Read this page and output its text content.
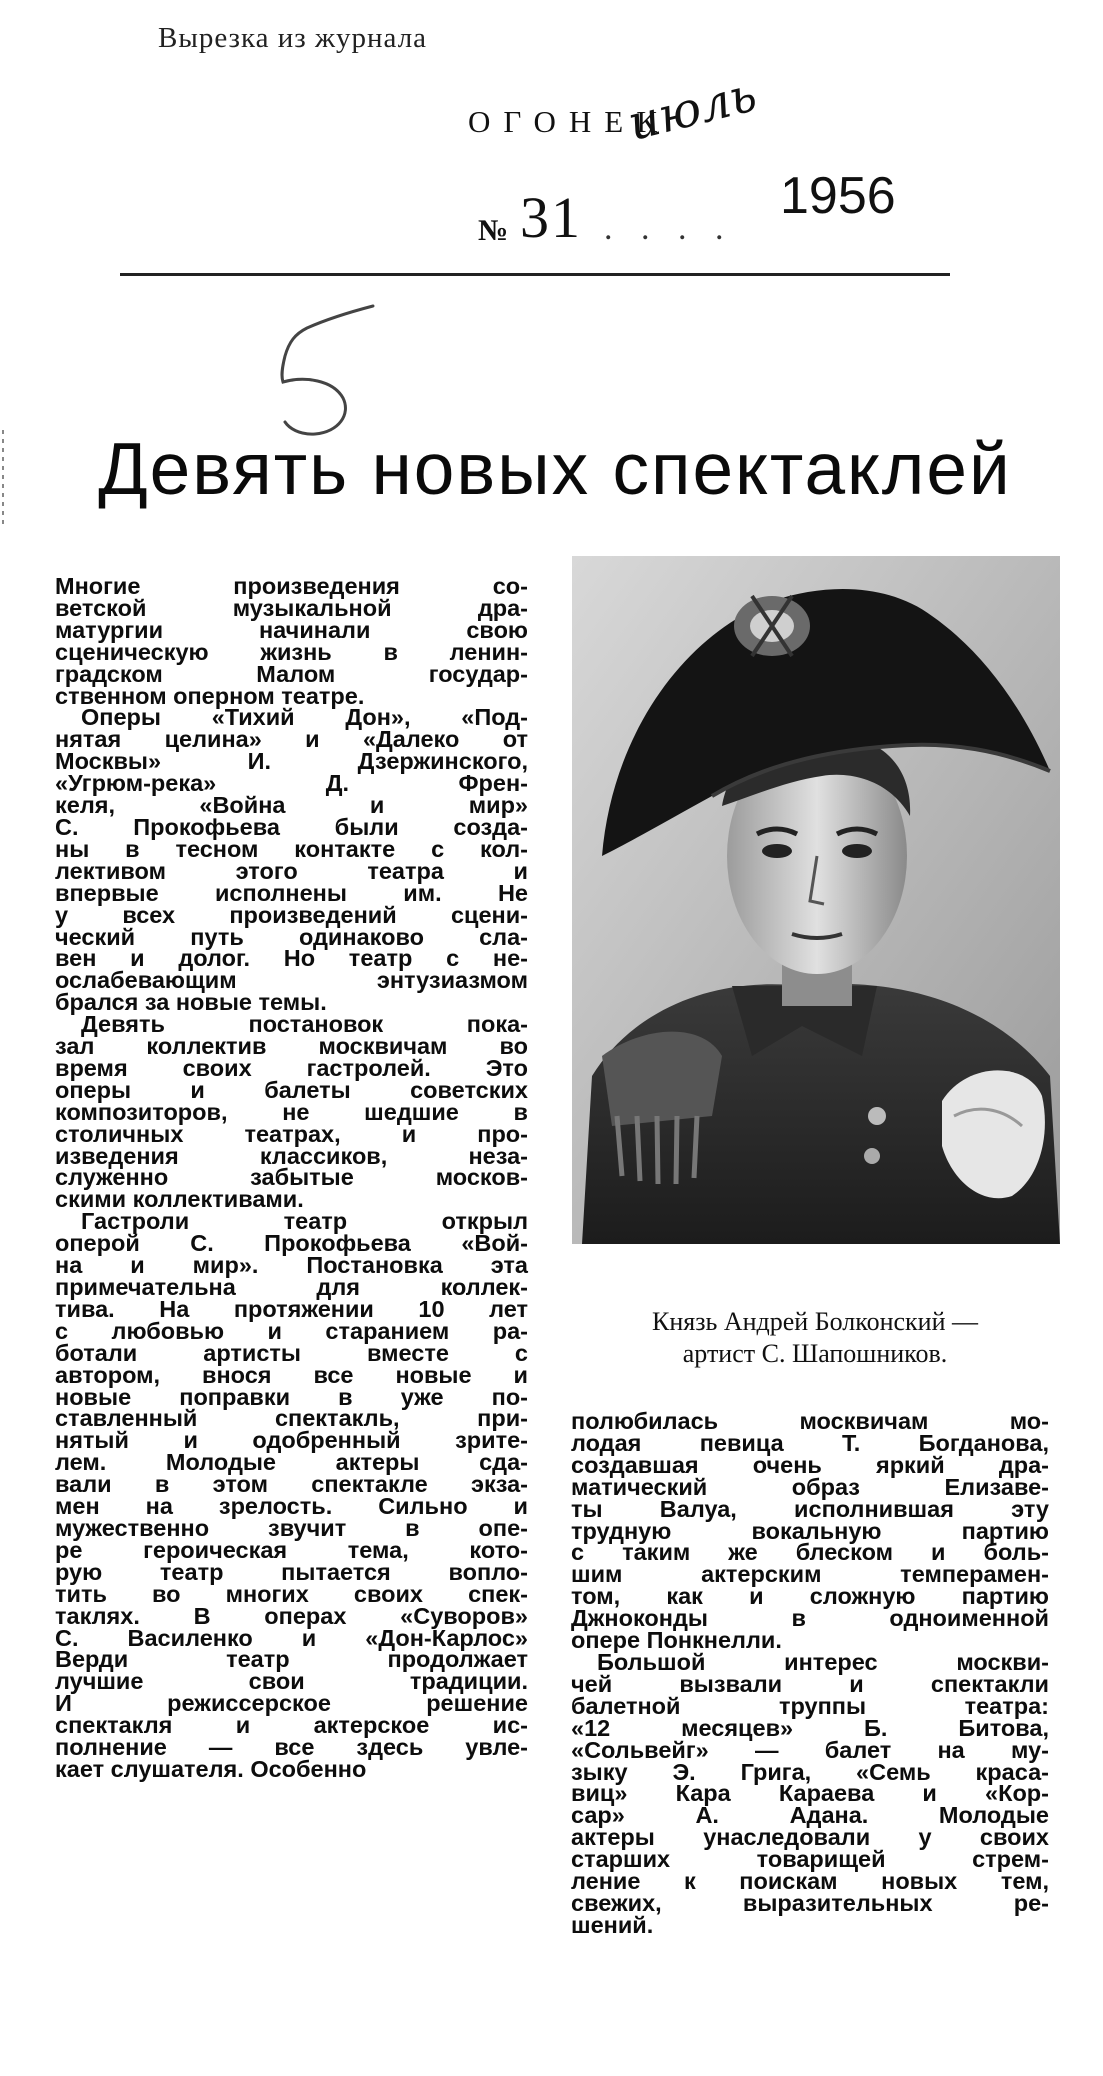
Вырезка из журнала
ОГОНЕК
№ 31 . . . .
июль
1956
Девять новых спектаклей
Многие произведения со-
ветской музыкальной дра-
матургии начинали свою
сценическую жизнь в ленин-
градском Малом государ-
ственном оперном театре.
Оперы «Тихий Дон», «Под-
нятая целина» и «Далеко от
Москвы» И. Дзержинского,
«Угрюм-река» Д. Френ-
келя, «Война и мир»
С. Прокофьева были созда-
ны в тесном контакте с кол-
лективом этого театра и
впервые исполнены им. Не
у всех произведений сцени-
ческий путь одинаково сла-
вен и долог. Но театр с не-
ослабевающим энтузиазмом
брался за новые темы.
Девять постановок пока-
зал коллектив москвичам во
время своих гастролей. Это
оперы и балеты советских
композиторов, не шедшие в
столичных театрах, и про-
изведения классиков, неза-
служенно забытые москов-
скими коллективами.
Гастроли театр открыл
оперой С. Прокофьева «Вой-
на и мир». Постановка эта
примечательна для коллек-
тива. На протяжении 10 лет
с любовью и старанием ра-
ботали артисты вместе с
автором, внося все новые и
новые поправки в уже по-
ставленный спектакль, при-
нятый и одобренный зрите-
лем. Молодые актеры сда-
вали в этом спектакле экза-
мен на зрелость. Сильно и
мужественно звучит в опе-
ре героическая тема, кото-
рую театр пытается вопло-
тить во многих своих спек-
таклях. В операх «Суворов»
С. Василенко и «Дон-Карлос»
Верди театр продолжает
лучшие свои традиции.
И режиссерское решение
спектакля и актерское ис-
полнение — все здесь увле-
кает слушателя. Особенно
Князь Андрей Болконский —
артист С. Шапошников.
полюбилась москвичам мо-
лодая певица Т. Богданова,
создавшая очень яркий дра-
матический образ Елизаве-
ты Валуа, исполнившая эту
трудную вокальную партию
с таким же блеском и боль-
шим актерским темперамен-
том, как и сложную партию
Джноконды в одноименной
опере Понкнелли.
Большой интерес москви-
чей вызвали и спектакли
балетной труппы театра:
«12 месяцев» Б. Битова,
«Сольвейг» — балет на му-
зыку Э. Грига, «Семь краса-
виц» Кара Караева и «Кор-
сар» А. Адана. Молодые
актеры унаследовали у своих
старших товарищей стрем-
ление к поискам новых тем,
свежих, выразительных ре-
шений.
